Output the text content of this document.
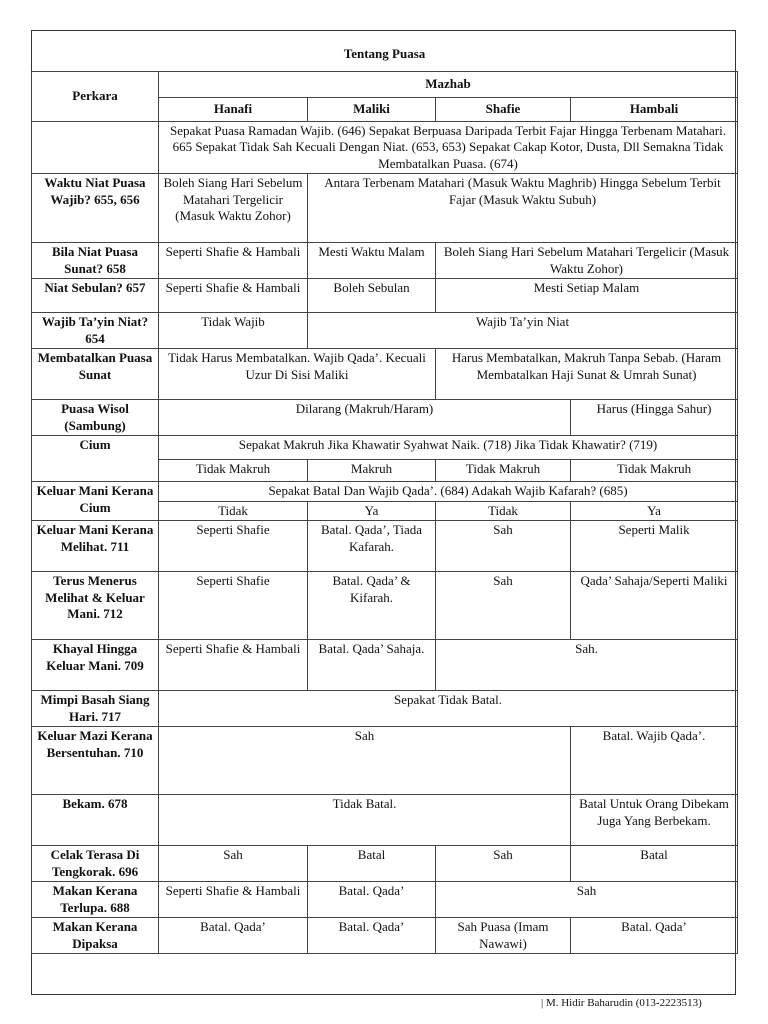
Tentang Puasa				
Perkara	Mazhab			
	Hanafi	Maliki	Shafie	Hambali
	Sepakat Puasa Ramadan Wajib. (646) Sepakat Berpuasa Daripada Terbit Fajar Hingga Terbenam Matahari. 665 Sepakat Tidak Sah Kecuali Dengan Niat. (653, 653) Sepakat Cakap Kotor, Dusta, Dll Semakna Tidak Membatalkan Puasa. (674)			
Waktu Niat Puasa Wajib? 655, 656	Boleh Siang Hari Sebelum Matahari Tergelicir (Masuk Waktu Zohor)	Antara Terbenam Matahari (Masuk Waktu Maghrib) Hingga Sebelum Terbit Fajar (Masuk Waktu Subuh)		
Bila Niat Puasa Sunat? 658	Seperti Shafie & Hambali	Mesti Waktu Malam	Boleh Siang Hari Sebelum Matahari Tergelicir (Masuk Waktu Zohor)	
Niat Sebulan? 657	Seperti Shafie & Hambali	Boleh Sebulan	Mesti Setiap Malam	
Wajib Ta’yin Niat? 654	Tidak Wajib	Wajib Ta’yin Niat		
Membatalkan Puasa Sunat	Tidak Harus Membatalkan. Wajib Qada’. Kecuali Uzur Di Sisi Maliki		Harus Membatalkan, Makruh Tanpa Sebab. (Haram Membatalkan Haji Sunat & Umrah Sunat)	
Puasa Wisol (Sambung)	Dilarang (Makruh/Haram)			Harus (Hingga Sahur)
Cium	Sepakat Makruh Jika Khawatir Syahwat Naik. (718) Jika Tidak Khawatir? (719)			
	Tidak Makruh	Makruh	Tidak Makruh	Tidak Makruh
Keluar Mani Kerana Cium	Sepakat Batal Dan Wajib Qada’. (684) Adakah Wajib Kafarah? (685)			
	Tidak	Ya	Tidak	Ya
Keluar Mani Kerana Melihat. 711	Seperti Shafie	Batal. Qada’, Tiada Kafarah.	Sah	Seperti Malik
Terus Menerus Melihat & Keluar Mani. 712	Seperti Shafie	Batal. Qada’ & Kifarah.	Sah	Qada’ Sahaja/Seperti Maliki
Khayal Hingga Keluar Mani. 709	Seperti Shafie & Hambali	Batal. Qada’ Sahaja.	Sah.	
Mimpi Basah Siang Hari. 717	Sepakat Tidak Batal.			
Keluar Mazi Kerana Bersentuhan. 710	Sah			Batal. Wajib Qada’.
Bekam. 678	Tidak Batal.			Batal Untuk Orang Dibekam Juga Yang Berbekam.
Celak Terasa Di Tengkorak. 696	Sah	Batal	Sah	Batal
Makan Kerana Terlupa. 688	Seperti Shafie & Hambali	Batal. Qada’	Sah	
Makan Kerana Dipaksa	Batal. Qada’	Batal. Qada’	Sah Puasa (Imam Nawawi)	Batal. Qada’
| M. Hidir Baharudin (013-2223513)
